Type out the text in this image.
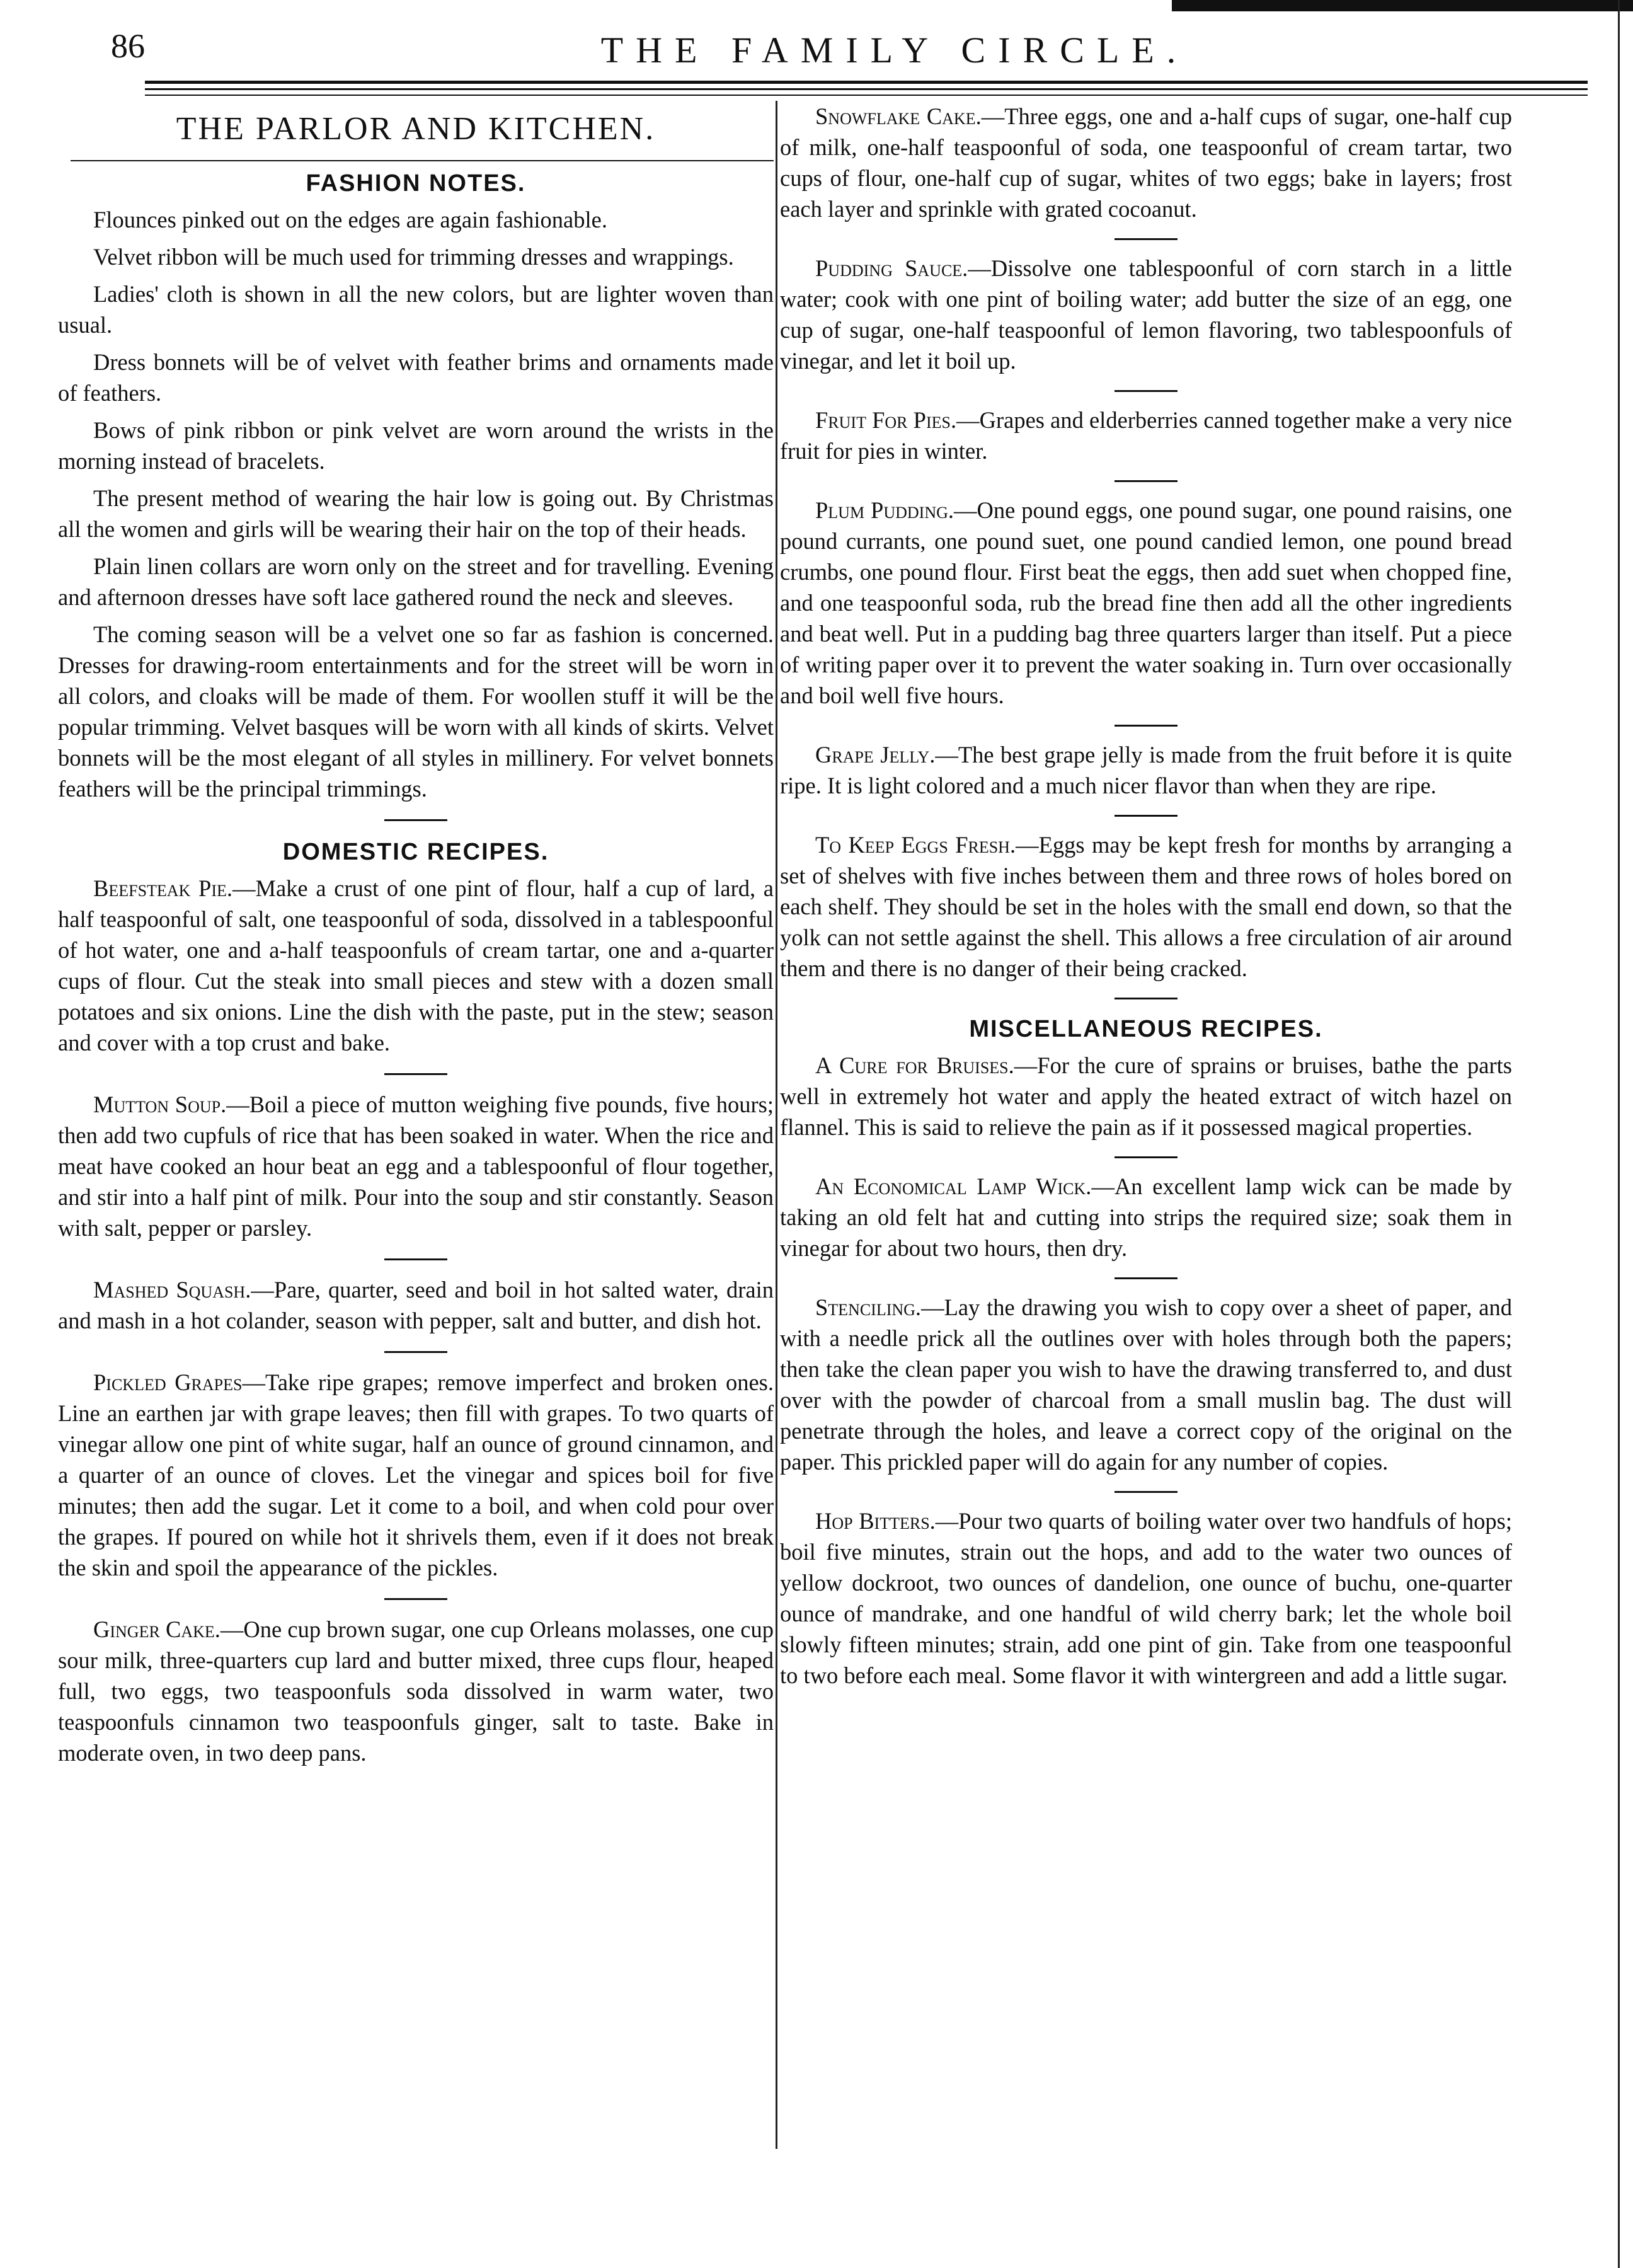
86	THE FAMILY CIRCLE.
THE PARLOR AND KITCHEN.
FASHION NOTES.

Flounces pinked out on the edges are again fashionable.

Velvet ribbon will be much used for trimming dresses and wrappings.

Ladies' cloth is shown in all the new colors, but are lighter woven than usual.

Dress bonnets will be of velvet with feather brims and ornaments made of feathers.

Bows of pink ribbon or pink velvet are worn around the wrists in the morning instead of bracelets.

The present method of wearing the hair low is going out. By Christmas all the women and girls will be wearing their hair on the top of their heads.

Plain linen collars are worn only on the street and for travelling. Evening and afternoon dresses have soft lace gathered round the neck and sleeves.

The coming season will be a velvet one so far as fashion is concerned. Dresses for drawing-room entertainments and for the street will be worn in all colors, and cloaks will be made of them. For woollen stuff it will be the popular trimming. Velvet basques will be worn with all kinds of skirts. Velvet bonnets will be the most elegant of all styles in millinery. For velvet bonnets feathers will be the principal trimmings.

DOMESTIC RECIPES.

Beefsteak Pie.—Make a crust of one pint of flour, half a cup of lard, a half teaspoonful of salt, one teaspoonful of soda, dissolved in a tablespoonful of hot water, one and a-half teaspoonfuls of cream tartar, one and a-quarter cups of flour. Cut the steak into small pieces and stew with a dozen small potatoes and six onions. Line the dish with the paste, put in the stew; season and cover with a top crust and bake.

Mutton Soup.—Boil a piece of mutton weighing five pounds, five hours; then add two cupfuls of rice that has been soaked in water. When the rice and meat have cooked an hour beat an egg and a tablespoonful of flour together, and stir into a half pint of milk. Pour into the soup and stir constantly. Season with salt, pepper or parsley.

Mashed Squash.—Pare, quarter, seed and boil in hot salted water, drain and mash in a hot colander, season with pepper, salt and butter, and dish hot.

Pickled Grapes—Take ripe grapes; remove imperfect and broken ones. Line an earthen jar with grape leaves; then fill with grapes. To two quarts of vinegar allow one pint of white sugar, half an ounce of ground cinnamon, and a quarter of an ounce of cloves. Let the vinegar and spices boil for five minutes; then add the sugar. Let it come to a boil, and when cold pour over the grapes. If poured on while hot it shrivels them, even if it does not break the skin and spoil the appearance of the pickles.

Ginger Cake.—One cup brown sugar, one cup Orleans molasses, one cup sour milk, three-quarters cup lard and butter mixed, three cups flour, heaped full, two eggs, two teaspoonfuls soda dissolved in warm water, two teaspoonfuls cinnamon two teaspoonfuls ginger, salt to taste. Bake in moderate oven, in two deep pans.

Snowflake Cake.—Three eggs, one and a-half cups of sugar, one-half cup of milk, one-half teaspoonful of soda, one teaspoonful of cream tartar, two cups of flour, one-half cup of sugar, whites of two eggs; bake in layers; frost each layer and sprinkle with grated cocoanut.

Pudding Sauce.—Dissolve one tablespoonful of corn starch in a little water; cook with one pint of boiling water; add butter the size of an egg, one cup of sugar, one-half teaspoonful of lemon flavoring, two tablespoonfuls of vinegar, and let it boil up.

Fruit For Pies.—Grapes and elderberries canned together make a very nice fruit for pies in winter.

Plum Pudding.—One pound eggs, one pound sugar, one pound raisins, one pound currants, one pound suet, one pound candied lemon, one pound bread crumbs, one pound flour. First beat the eggs, then add suet when chopped fine, and one teaspoonful soda, rub the bread fine then add all the other ingredients and beat well. Put in a pudding bag three quarters larger than itself. Put a piece of writing paper over it to prevent the water soaking in. Turn over occasionally and boil well five hours.

Grape Jelly.—The best grape jelly is made from the fruit before it is quite ripe. It is light colored and a much nicer flavor than when they are ripe.

To Keep Eggs Fresh.—Eggs may be kept fresh for months by arranging a set of shelves with five inches between them and three rows of holes bored on each shelf. They should be set in the holes with the small end down, so that the yolk can not settle against the shell. This allows a free circulation of air around them and there is no danger of their being cracked.

MISCELLANEOUS RECIPES.

A Cure for Bruises.—For the cure of sprains or bruises, bathe the parts well in extremely hot water and apply the heated extract of witch hazel on flannel. This is said to relieve the pain as if it possessed magical properties.

An Economical Lamp Wick.—An excellent lamp wick can be made by taking an old felt hat and cutting into strips the required size; soak them in vinegar for about two hours, then dry.

Stenciling.—Lay the drawing you wish to copy over a sheet of paper, and with a needle prick all the outlines over with holes through both the papers; then take the clean paper you wish to have the drawing transferred to, and dust over with the powder of charcoal from a small muslin bag. The dust will penetrate through the holes, and leave a correct copy of the original on the paper. This prickled paper will do again for any number of copies.

Hop Bitters.—Pour two quarts of boiling water over two handfuls of hops; boil five minutes, strain out the hops, and add to the water two ounces of yellow dockroot, two ounces of dandelion, one ounce of buchu, one-quarter ounce of mandrake, and one handful of wild cherry bark; let the whole boil slowly fifteen minutes; strain, add one pint of gin. Take from one teaspoonful to two before each meal. Some flavor it with wintergreen and add a little sugar.
